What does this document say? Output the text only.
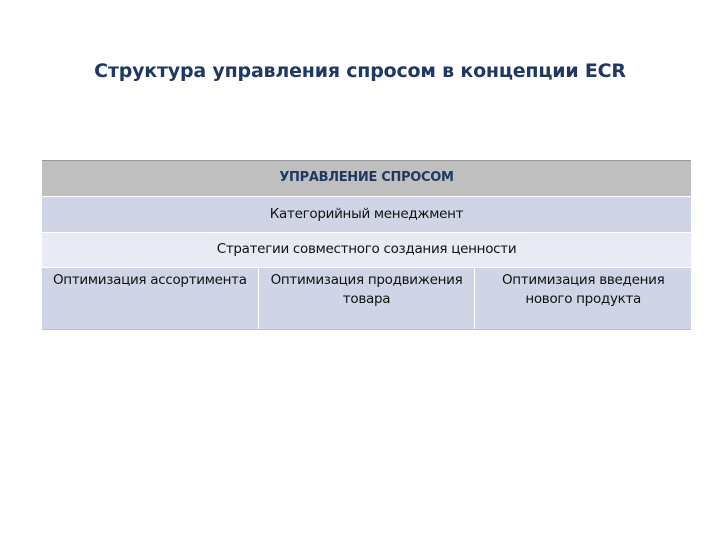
Структура управления спросом в концепции ECR
УПРАВЛЕНИЕ СПРОСОМ
Категорийный менеджмент
Стратегии совместного создания ценности
Оптимизация ассортимента	Оптимизация продвижения товара
Оптимизация введения нового продукта
